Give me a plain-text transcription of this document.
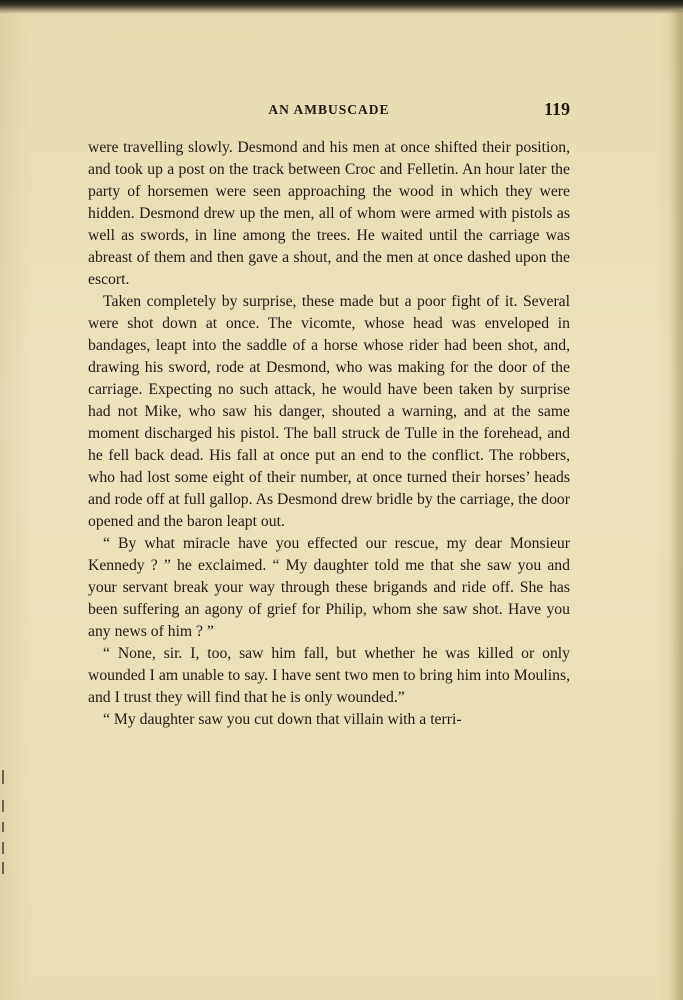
AN AMBUSCADE	119

were travelling slowly. Desmond and his men at once shifted their position, and took up a post on the track between Croc and Felletin. An hour later the party of horsemen were seen approaching the wood in which they were hidden. Desmond drew up the men, all of whom were armed with pistols as well as swords, in line among the trees. He waited until the carriage was abreast of them and then gave a shout, and the men at once dashed upon the escort.

Taken completely by surprise, these made but a poor fight of it. Several were shot down at once. The vicomte, whose head was enveloped in bandages, leapt into the saddle of a horse whose rider had been shot, and, drawing his sword, rode at Desmond, who was making for the door of the carriage. Expecting no such attack, he would have been taken by surprise had not Mike, who saw his danger, shouted a warning, and at the same moment discharged his pistol. The ball struck de Tulle in the forehead, and he fell back dead. His fall at once put an end to the conflict. The robbers, who had lost some eight of their number, at once turned their horses’ heads and rode off at full gallop. As Desmond drew bridle by the carriage, the door opened and the baron leapt out.

“ By what miracle have you effected our rescue, my dear Monsieur Kennedy ? ” he exclaimed. “ My daughter told me that she saw you and your servant break your way through these brigands and ride off. She has been suffering an agony of grief for Philip, whom she saw shot. Have you any news of him ? ”

“ None, sir. I, too, saw him fall, but whether he was killed or only wounded I am unable to say. I have sent two men to bring him into Moulins, and I trust they will find that he is only wounded.”

“ My daughter saw you cut down that villain with a terri-
